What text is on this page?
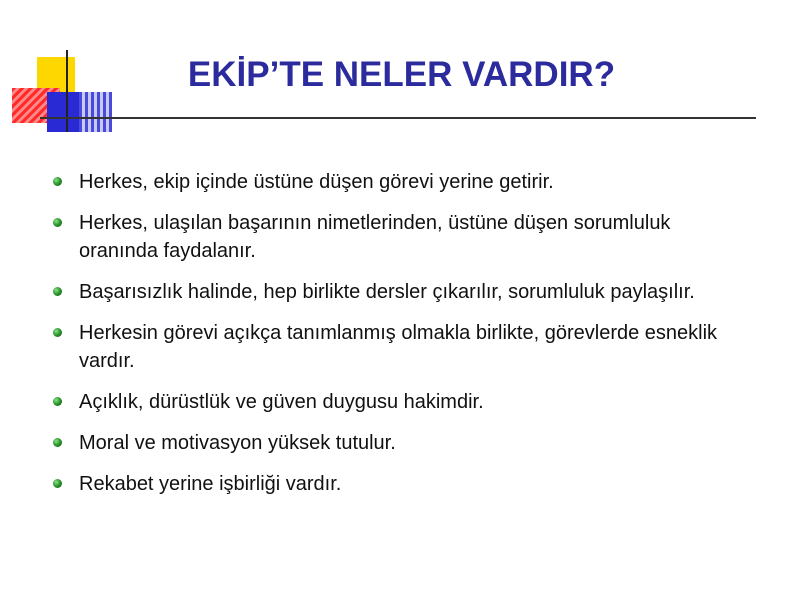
EKİP’TE NELER VARDIR?
Herkes, ekip içinde üstüne düşen görevi yerine getirir.
Herkes, ulaşılan başarının nimetlerinden, üstüne düşen sorumluluk oranında faydalanır.
Başarısızlık halinde, hep birlikte dersler çıkarılır, sorumluluk paylaşılır.
Herkesin görevi açıkça tanımlanmış olmakla birlikte, görevlerde esneklik vardır.
Açıklık, dürüstlük ve güven duygusu hakimdir.
Moral ve motivasyon yüksek tutulur.
Rekabet yerine işbirliği vardır.
